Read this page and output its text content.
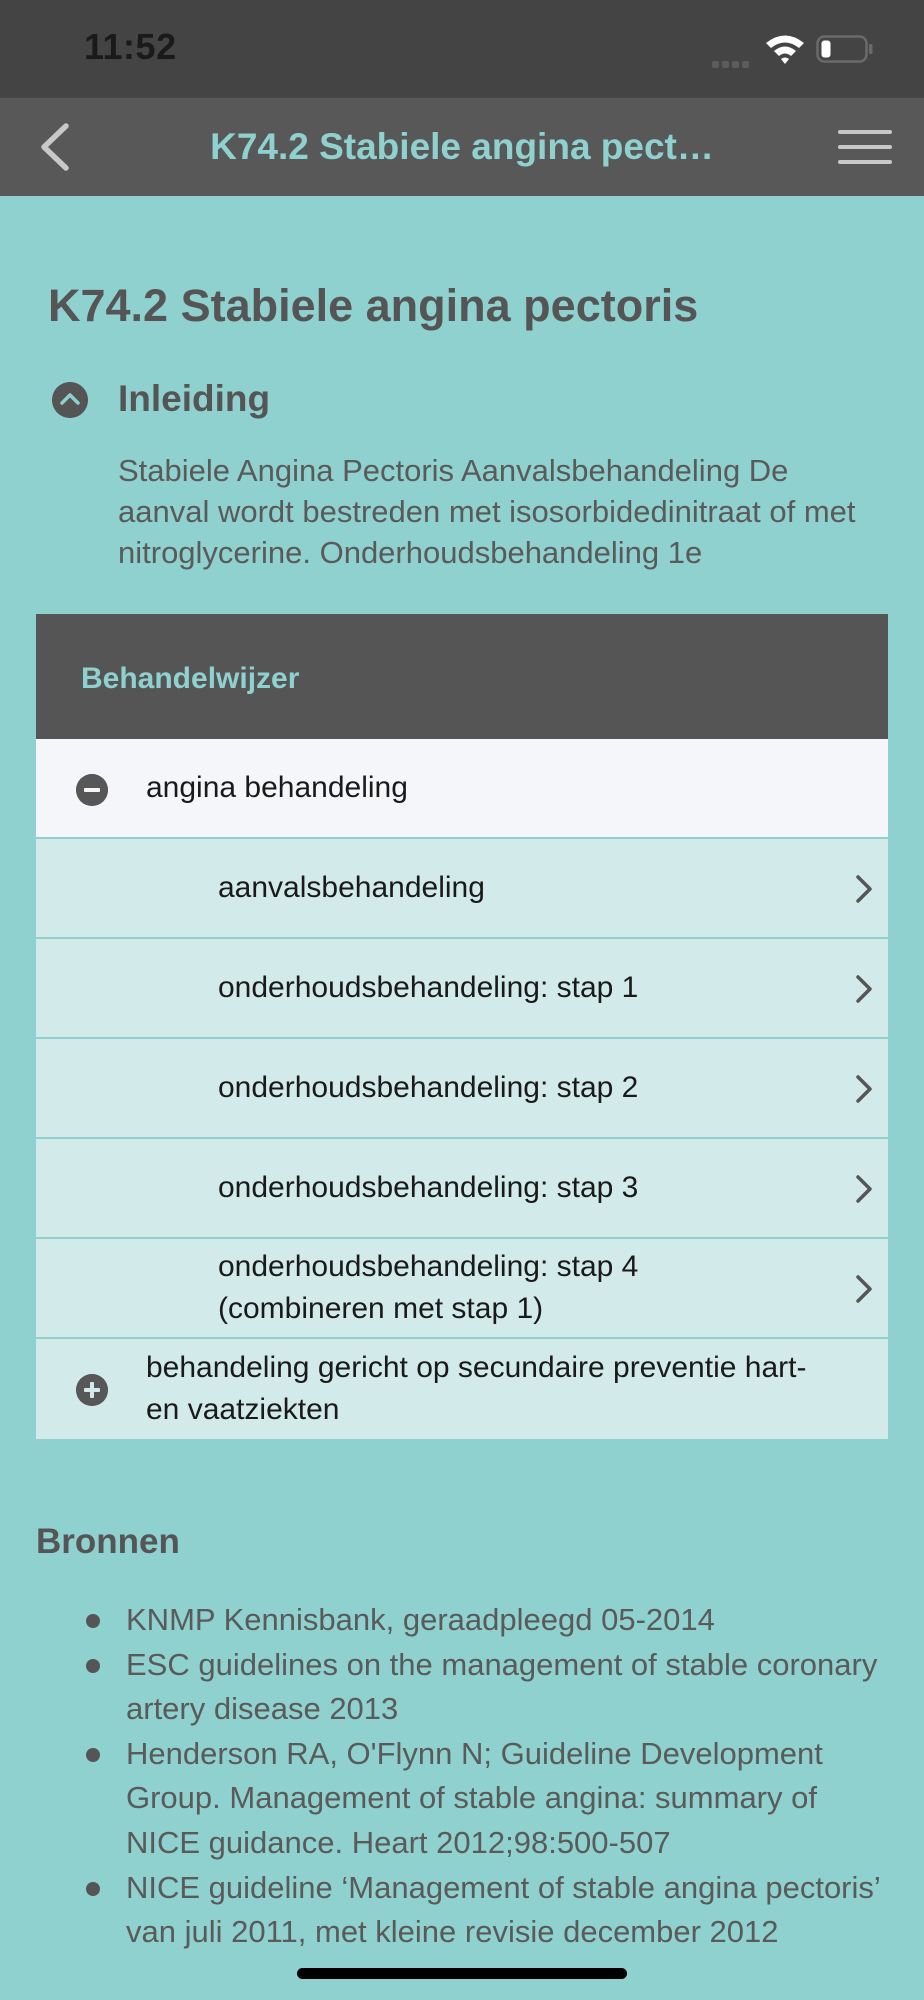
11:52
K74.2 Stabiele angina pect…
K74.2 Stabiele angina pectoris
Inleiding
Stabiele Angina Pectoris Aanvalsbehandeling De aanval wordt bestreden met isosorbidedinitraat of met nitroglycerine. Onderhoudsbehandeling 1e
Behandelwijzer
angina behandeling
aanvalsbehandeling
onderhoudsbehandeling: stap 1
onderhoudsbehandeling: stap 2
onderhoudsbehandeling: stap 3
onderhoudsbehandeling: stap 4 (combineren met stap 1)
behandeling gericht op secundaire preventie hart- en vaatziekten
Bronnen
KNMP Kennisbank, geraadpleegd 05-2014
ESC guidelines on the management of stable coronary artery disease 2013
Henderson RA, O'Flynn N; Guideline Development Group. Management of stable angina: summary of NICE guidance. Heart 2012;98:500-507
NICE guideline ‘Management of stable angina pectoris’ van juli 2011, met kleine revisie december 2012
